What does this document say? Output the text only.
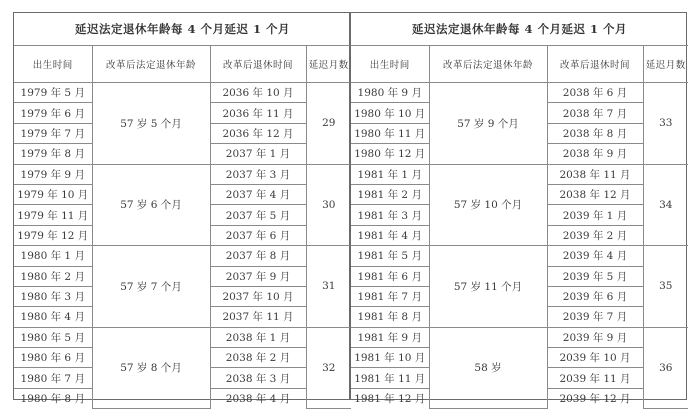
延迟法定退休年龄每 4 个月延迟 1 个月			
出生时间	改革后法定退休年龄	改革后退休时间	延迟月数
1979 年 5 月	57 岁 5 个月	2036 年 10 月	29
1979 年 6 月		2036 年 11 月	
1979 年 7 月		2036 年 12 月	
1979 年 8 月		2037 年 1 月	
1979 年 9 月	57 岁 6 个月	2037 年 3 月	30
1979 年 10 月		2037 年 4 月	
1979 年 11 月		2037 年 5 月	
1979 年 12 月		2037 年 6 月	
1980 年 1 月	57 岁 7 个月	2037 年 8 月	31
1980 年 2 月		2037 年 9 月	
1980 年 3 月		2037 年 10 月	
1980 年 4 月		2037 年 11 月	
1980 年 5 月	57 岁 8 个月	2038 年 1 月	32
1980 年 6 月		2038 年 2 月	
1980 年 7 月		2038 年 3 月	
1980 年 8 月		2038 年 4 月	
延迟法定退休年龄每 4 个月延迟 1 个月			
出生时间	改革后法定退休年龄	改革后退休时间	延迟月数
1980 年 9 月	57 岁 9 个月	2038 年 6 月	33
1980 年 10 月		2038 年 7 月	
1980 年 11 月		2038 年 8 月	
1980 年 12 月		2038 年 9 月	
1981 年 1 月	57 岁 10 个月	2038 年 11 月	34
1981 年 2 月		2038 年 12 月	
1981 年 3 月		2039 年 1 月	
1981 年 4 月		2039 年 2 月	
1981 年 5 月	57 岁 11 个月	2039 年 4 月	35
1981 年 6 月		2039 年 5 月	
1981 年 7 月		2039 年 6 月	
1981 年 8 月		2039 年 7 月	
1981 年 9 月	58 岁	2039 年 9 月	36
1981 年 10 月		2039 年 10 月	
1981 年 11 月		2039 年 11 月	
1981 年 12 月		2039 年 12 月	
